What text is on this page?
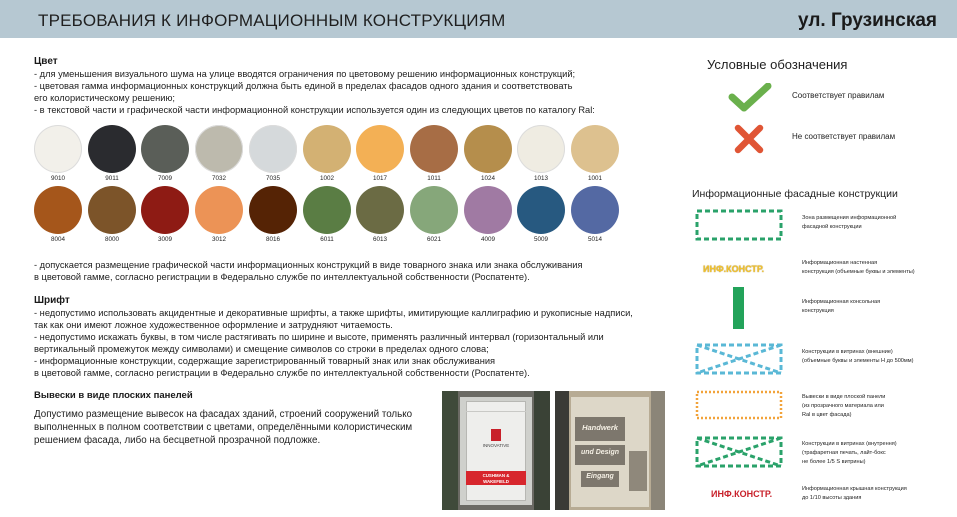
ТРЕБОВАНИЯ К ИНФОРМАЦИОННЫМ КОНСТРУКЦИЯМ	ул. Грузинская
Цвет
- для уменьшения визуального шума на улице вводятся ограничения по цветовому решению информационных конструкций;
- цветовая гамма информационных конструкций должна быть единой в пределах фасадов одного здания и соответствовать
его колористическому решению;
- в текстовой части и графической части информационной конструкции используется один из следующих цветов по каталогу Ral:
9010	9011	7009	7032	7035	1002	1017	1011	1024	1013	1001
8004	8000	3009	3012	8016	6011	6013	6021	4009	5009	5014
- допускается размещение графической части информационных конструкций в виде товарного знака или знака обслуживания
в цветовой гамме, согласно регистрации в Федерально службе по интеллектуальной собственности (Роспатенте).
Шрифт
- недопустимо использовать акцидентные и декоративные шрифты, а также шрифты, имитирующие каллиграфию и рукописные надписи,
так как они имеют ложное художественное оформление и затрудняют читаемость.
- недопустимо искажать буквы, в том числе растягивать по ширине и высоте, применять различный интервал (горизонтальный или
вертикальный промежуток между символами) и смещение символов со строки в пределах одного слова;
- информационные конструкции, содержащие зарегистрированный товарный знак или знак обслуживания
в цветовой гамме, согласно регистрации в Федерально службе по интеллектуальной собственности (Роспатенте).
Вывески в виде плоских панелей
Допустимо размещение вывесок на фасадах зданий, строений сооружений только
выполненных в полном соответствии с цветами, определёнными колористическим
решением фасада, либо на бесцветной прозрачной подложке.	INNOVATIVE
CUSHMAN &
WAKEFIELD
Handwerk
und Design
Eingang
Условные обозначения
Соответствует правилам
Не соответствует правилам
Информационные фасадные конструкции
Зона размещения информационной
фасадной конструкции
ИНФ.КОНСТР.
Информационная настенная
конструкция (объемные буквы и элементы)
Информационная консольная
конструкция
Конструкции в витринах (внешние)
(объемные буквы и элементы Н до 500мм)
Вывески в виде плоской панели
(из прозрачного материала или
Ral в цвет фасада)
Конструкции в витринах (внутрення)
(трафаретная печать, лайт-бокс
не более 1/5 S витрины)
ИНФ.КОНСТР.	Информационная крышная конструкция
до 1/10 высоты здания
